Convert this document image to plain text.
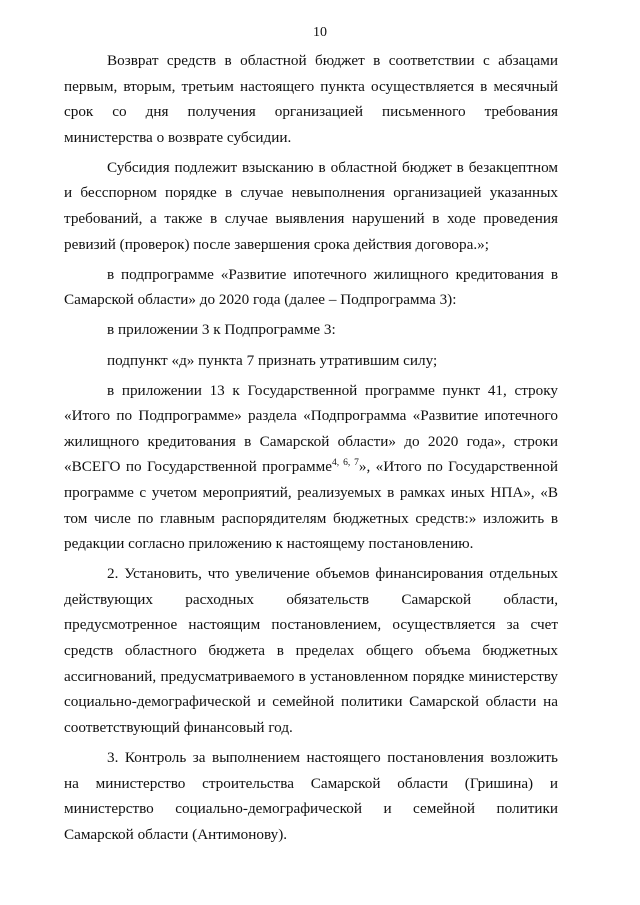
10

Возврат средств в областной бюджет в соответствии с абзацами первым, вторым, третьим настоящего пункта осуществляется в месячный срок со дня получения организацией письменного требования министерства о возврате субсидии.

Субсидия подлежит взысканию в областной бюджет в безакцептном и бесспорном порядке в случае невыполнения организацией указанных требований, а также в случае выявления нарушений в ходе проведения ревизий (проверок) после завершения срока действия договора.»;

в подпрограмме «Развитие ипотечного жилищного кредитования в Самарской области» до 2020 года (далее – Подпрограмма 3):

в приложении 3 к Подпрограмме 3:

подпункт «д» пункта 7 признать утратившим силу;

в приложении 13 к Государственной программе пункт 41, строку «Итого по Подпрограмме» раздела «Подпрограмма «Развитие ипотечного жилищного кредитования в Самарской области» до 2020 года», строки «ВСЕГО по Государственной программе$^{4, 6, 7}$», «Итого по Государственной программе с учетом мероприятий, реализуемых в рамках иных НПА», «В том числе по главным распорядителям бюджетных средств:» изложить в редакции согласно приложению к настоящему постановлению.

2. Установить, что увеличение объемов финансирования отдельных действующих расходных обязательств Самарской области, предусмотренное настоящим постановлением, осуществляется за счет средств областного бюджета в пределах общего объема бюджетных ассигнований, предусматриваемого в установленном порядке министерству социально-демографической и семейной политики Самарской области на соответствующий финансовый год.

3. Контроль за выполнением настоящего постановления возложить на министерство строительства Самарской области (Гришина) и министерство социально-демографической и семейной политики Самарской области (Антимонову).
